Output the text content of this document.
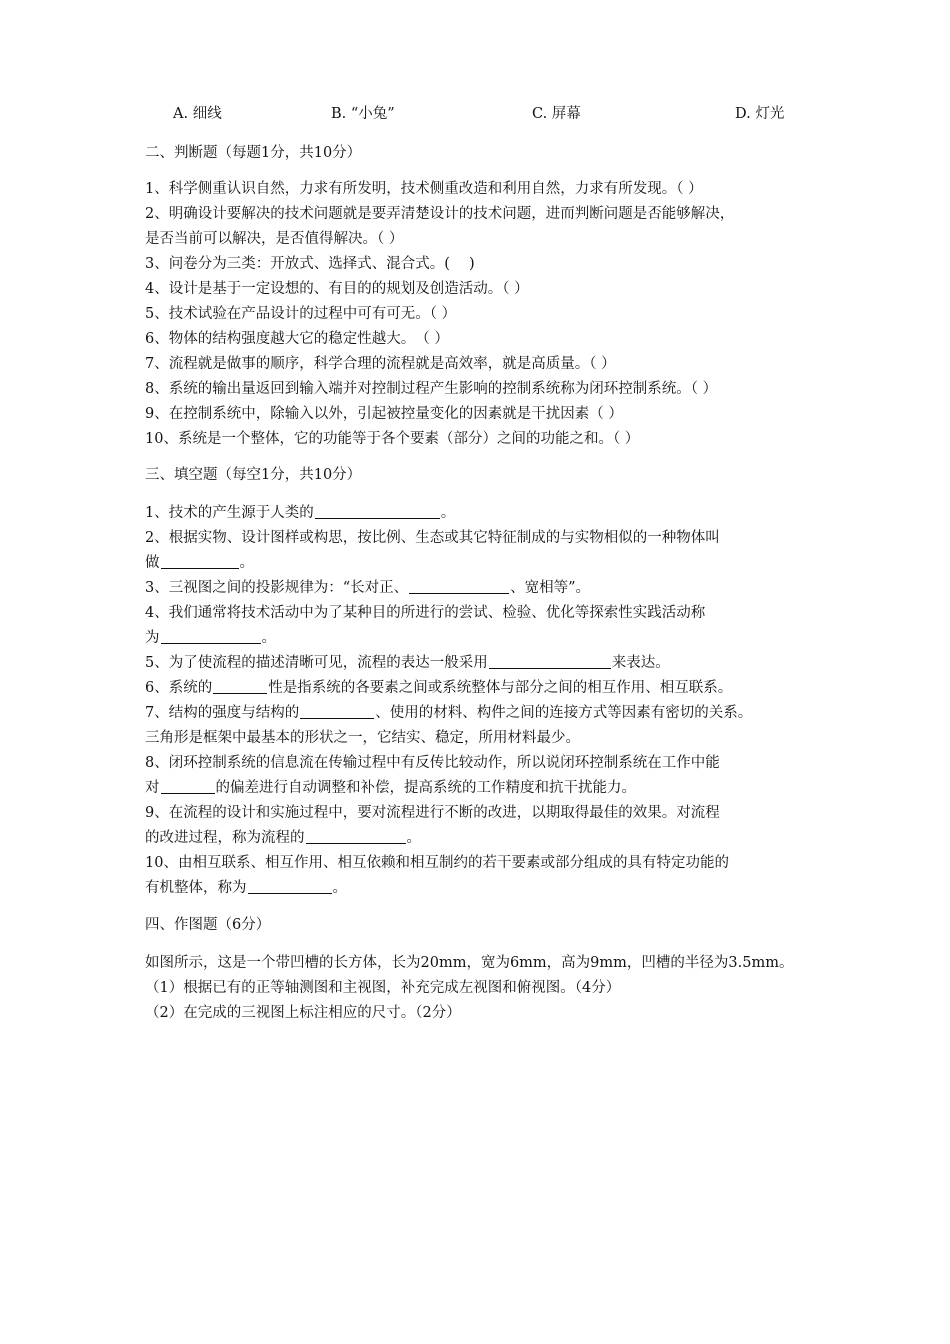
A. 细线	B. “小兔”	C. 屏幕	D. 灯光
二、判断题（每题1分，共10分）
1、科学侧重认识自然，力求有所发明，技术侧重改造和利用自然，力求有所发现。（ ）
2、明确设计要解决的技术问题就是要弄清楚设计的技术问题，进而判断问题是否能够解决，
是否当前可以解决，是否值得解决。（ ）
3、问卷分为三类：开放式、选择式、混合式。(　 )
4、设计是基于一定设想的、有目的的规划及创造活动。（ ）
5、技术试验在产品设计的过程中可有可无。（ ）
6、物体的结构强度越大它的稳定性越大。　（ ）
7、流程就是做事的顺序，科学合理的流程就是高效率，就是高质量。（ ）
8、系统的输出量返回到输入端并对控制过程产生影响的控制系统称为闭环控制系统。（ ）
9、在控制系统中，除输入以外，引起被控量变化的因素就是干扰因素（ ）
10、系统是一个整体，它的功能等于各个要素（部分）之间的功能之和。（ ）
三、填空题（每空1分，共10分）
1、技术的产生源于人类的	。
2、根据实物、设计图样或构思，按比例、生态或其它特征制成的与实物相似的一种物体叫
做	。
3、三视图之间的投影规律为：“长对正、	、宽相等”。
4、我们通常将技术活动中为了某种目的所进行的尝试、检验、优化等探索性实践活动称
为	。
5、为了使流程的描述清晰可见，流程的表达一般采用	来表达。
6、系统的	性是指系统的各要素之间或系统整体与部分之间的相互作用、相互联系。
7、结构的强度与结构的	、使用的材料、构件之间的连接方式等因素有密切的关系。
三角形是框架中最基本的形状之一，它结实、稳定，所用材料最少。
8、闭环控制系统的信息流在传输过程中有反传比较动作，所以说闭环控制系统在工作中能
对	的偏差进行自动调整和补偿，提高系统的工作精度和抗干扰能力。
9、在流程的设计和实施过程中，要对流程进行不断的改进，以期取得最佳的效果。对流程
的改进过程，称为流程的	。
10、由相互联系、相互作用、相互依赖和相互制约的若干要素或部分组成的具有特定功能的
有机整体，称为	。
四、作图题（6分）
如图所示，这是一个带凹槽的长方体，长为20mm，宽为6mm，高为9mm，凹槽的半径为3.5mm。
（1）根据已有的正等轴测图和主视图，补充完成左视图和俯视图。（4分）
（2）在完成的三视图上标注相应的尺寸。（2分）
